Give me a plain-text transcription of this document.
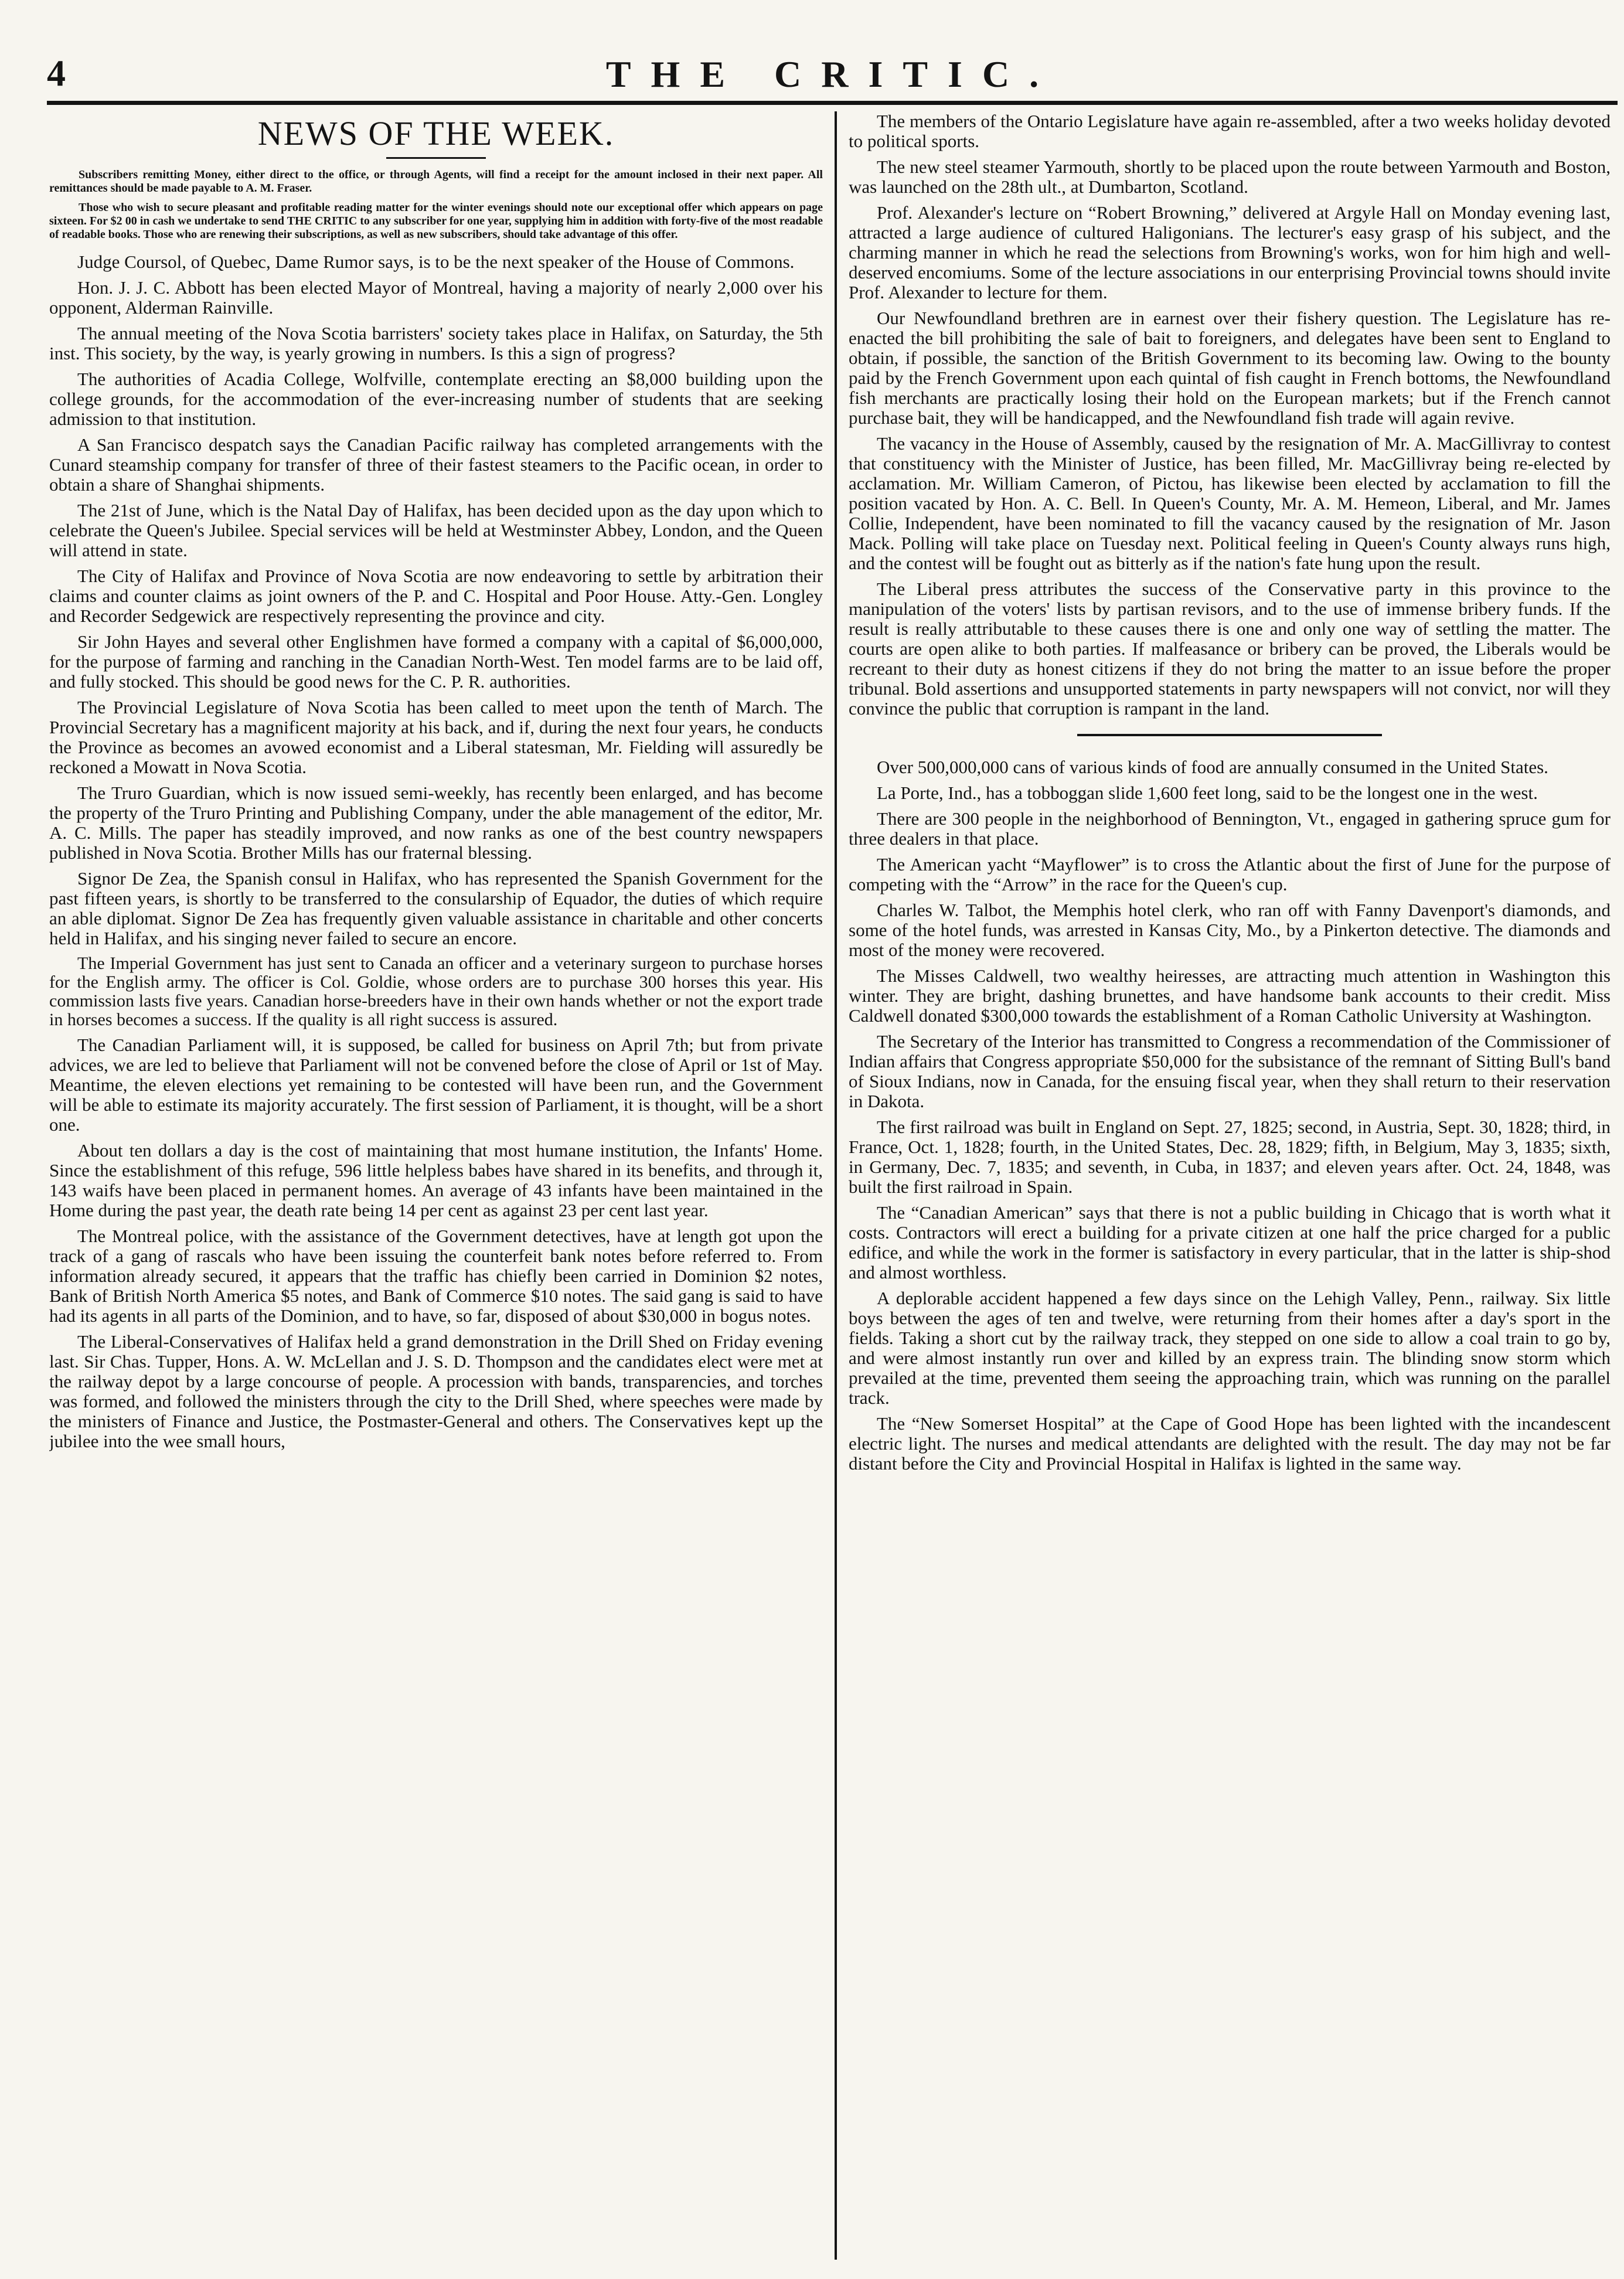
4	THE CRITIC.
NEWS OF THE WEEK.

Subscribers remitting Money, either direct to the office, or through Agents, will find a receipt for the amount inclosed in their next paper. All remittances should be made payable to A. M. Fraser.

Those who wish to secure pleasant and profitable reading matter for the winter evenings should note our exceptional offer which appears on page sixteen. For $2 00 in cash we undertake to send THE CRITIC to any subscriber for one year, supplying him in addition with forty-five of the most readable of readable books. Those who are renewing their subscriptions, as well as new subscribers, should take advantage of this offer.

Judge Coursol, of Quebec, Dame Rumor says, is to be the next speaker of the House of Commons.

Hon. J. J. C. Abbott has been elected Mayor of Montreal, having a majority of nearly 2,000 over his opponent, Alderman Rainville.

The annual meeting of the Nova Scotia barristers' society takes place in Halifax, on Saturday, the 5th inst. This society, by the way, is yearly growing in numbers. Is this a sign of progress?

The authorities of Acadia College, Wolfville, contemplate erecting an $8,000 building upon the college grounds, for the accommodation of the ever-increasing number of students that are seeking admission to that institution.

A San Francisco despatch says the Canadian Pacific railway has completed arrangements with the Cunard steamship company for transfer of three of their fastest steamers to the Pacific ocean, in order to obtain a share of Shanghai shipments.

The 21st of June, which is the Natal Day of Halifax, has been decided upon as the day upon which to celebrate the Queen's Jubilee. Special services will be held at Westminster Abbey, London, and the Queen will attend in state.

The City of Halifax and Province of Nova Scotia are now endeavoring to settle by arbitration their claims and counter claims as joint owners of the P. and C. Hospital and Poor House. Atty.-Gen. Longley and Recorder Sedgewick are respectively representing the province and city.

Sir John Hayes and several other Englishmen have formed a company with a capital of $6,000,000, for the purpose of farming and ranching in the Canadian North-West. Ten model farms are to be laid off, and fully stocked. This should be good news for the C. P. R. authorities.

The Provincial Legislature of Nova Scotia has been called to meet upon the tenth of March. The Provincial Secretary has a magnificent majority at his back, and if, during the next four years, he conducts the Province as becomes an avowed economist and a Liberal statesman, Mr. Fielding will assuredly be reckoned a Mowatt in Nova Scotia.

The Truro Guardian, which is now issued semi-weekly, has recently been enlarged, and has become the property of the Truro Printing and Publishing Company, under the able management of the editor, Mr. A. C. Mills. The paper has steadily improved, and now ranks as one of the best country newspapers published in Nova Scotia. Brother Mills has our fraternal blessing.

Signor De Zea, the Spanish consul in Halifax, who has represented the Spanish Government for the past fifteen years, is shortly to be transferred to the consularship of Equador, the duties of which require an able diplomat. Signor De Zea has frequently given valuable assistance in charitable and other concerts held in Halifax, and his singing never failed to secure an encore.

The Imperial Government has just sent to Canada an officer and a veterinary surgeon to purchase horses for the English army. The officer is Col. Goldie, whose orders are to purchase 300 horses this year. His commission lasts five years. Canadian horse-breeders have in their own hands whether or not the export trade in horses becomes a success. If the quality is all right success is assured.

The Canadian Parliament will, it is supposed, be called for business on April 7th; but from private advices, we are led to believe that Parliament will not be convened before the close of April or 1st of May. Meantime, the eleven elections yet remaining to be contested will have been run, and the Government will be able to estimate its majority accurately. The first session of Parliament, it is thought, will be a short one.

About ten dollars a day is the cost of maintaining that most humane institution, the Infants' Home. Since the establishment of this refuge, 596 little helpless babes have shared in its benefits, and through it, 143 waifs have been placed in permanent homes. An average of 43 infants have been maintained in the Home during the past year, the death rate being 14 per cent as against 23 per cent last year.

The Montreal police, with the assistance of the Government detectives, have at length got upon the track of a gang of rascals who have been issuing the counterfeit bank notes before referred to. From information already secured, it appears that the traffic has chiefly been carried in Dominion $2 notes, Bank of British North America $5 notes, and Bank of Commerce $10 notes. The said gang is said to have had its agents in all parts of the Dominion, and to have, so far, disposed of about $30,000 in bogus notes.

The Liberal-Conservatives of Halifax held a grand demonstration in the Drill Shed on Friday evening last. Sir Chas. Tupper, Hons. A. W. McLellan and J. S. D. Thompson and the candidates elect were met at the railway depot by a large concourse of people. A procession with bands, transparencies, and torches was formed, and followed the ministers through the city to the Drill Shed, where speeches were made by the ministers of Finance and Justice, the Postmaster-General and others. The Conservatives kept up the jubilee into the wee small hours,

The members of the Ontario Legislature have again re-assembled, after a two weeks holiday devoted to political sports.

The new steel steamer Yarmouth, shortly to be placed upon the route between Yarmouth and Boston, was launched on the 28th ult., at Dumbarton, Scotland.

Prof. Alexander's lecture on “Robert Browning,” delivered at Argyle Hall on Monday evening last, attracted a large audience of cultured Haligonians. The lecturer's easy grasp of his subject, and the charming manner in which he read the selections from Browning's works, won for him high and well-deserved encomiums. Some of the lecture associations in our enterprising Provincial towns should invite Prof. Alexander to lecture for them.

Our Newfoundland brethren are in earnest over their fishery question. The Legislature has re-enacted the bill prohibiting the sale of bait to foreigners, and delegates have been sent to England to obtain, if possible, the sanction of the British Government to its becoming law. Owing to the bounty paid by the French Government upon each quintal of fish caught in French bottoms, the Newfoundland fish merchants are practically losing their hold on the European markets; but if the French cannot purchase bait, they will be handicapped, and the Newfoundland fish trade will again revive.

The vacancy in the House of Assembly, caused by the resignation of Mr. A. MacGillivray to contest that constituency with the Minister of Justice, has been filled, Mr. MacGillivray being re-elected by acclamation. Mr. William Cameron, of Pictou, has likewise been elected by acclamation to fill the position vacated by Hon. A. C. Bell. In Queen's County, Mr. A. M. Hemeon, Liberal, and Mr. James Collie, Independent, have been nominated to fill the vacancy caused by the resignation of Mr. Jason Mack. Polling will take place on Tuesday next. Political feeling in Queen's County always runs high, and the contest will be fought out as bitterly as if the nation's fate hung upon the result.

The Liberal press attributes the success of the Conservative party in this province to the manipulation of the voters' lists by partisan revisors, and to the use of immense bribery funds. If the result is really attributable to these causes there is one and only one way of settling the matter. The courts are open alike to both parties. If malfeasance or bribery can be proved, the Liberals would be recreant to their duty as honest citizens if they do not bring the matter to an issue before the proper tribunal. Bold assertions and unsupported statements in party newspapers will not convict, nor will they convince the public that corruption is rampant in the land.

Over 500,000,000 cans of various kinds of food are annually consumed in the United States.

La Porte, Ind., has a tobboggan slide 1,600 feet long, said to be the longest one in the west.

There are 300 people in the neighborhood of Bennington, Vt., engaged in gathering spruce gum for three dealers in that place.

The American yacht “Mayflower” is to cross the Atlantic about the first of June for the purpose of competing with the “Arrow” in the race for the Queen's cup.

Charles W. Talbot, the Memphis hotel clerk, who ran off with Fanny Davenport's diamonds, and some of the hotel funds, was arrested in Kansas City, Mo., by a Pinkerton detective. The diamonds and most of the money were recovered.

The Misses Caldwell, two wealthy heiresses, are attracting much attention in Washington this winter. They are bright, dashing brunettes, and have handsome bank accounts to their credit. Miss Caldwell donated $300,000 towards the establishment of a Roman Catholic University at Washington.

The Secretary of the Interior has transmitted to Congress a recommendation of the Commissioner of Indian affairs that Congress appropriate $50,000 for the subsistance of the remnant of Sitting Bull's band of Sioux Indians, now in Canada, for the ensuing fiscal year, when they shall return to their reservation in Dakota.

The first railroad was built in England on Sept. 27, 1825; second, in Austria, Sept. 30, 1828; third, in France, Oct. 1, 1828; fourth, in the United States, Dec. 28, 1829; fifth, in Belgium, May 3, 1835; sixth, in Germany, Dec. 7, 1835; and seventh, in Cuba, in 1837; and eleven years after. Oct. 24, 1848, was built the first railroad in Spain.

The “Canadian American” says that there is not a public building in Chicago that is worth what it costs. Contractors will erect a building for a private citizen at one half the price charged for a public edifice, and while the work in the former is satisfactory in every particular, that in the latter is ship-shod and almost worthless.

A deplorable accident happened a few days since on the Lehigh Valley, Penn., railway. Six little boys between the ages of ten and twelve, were returning from their homes after a day's sport in the fields. Taking a short cut by the railway track, they stepped on one side to allow a coal train to go by, and were almost instantly run over and killed by an express train. The blinding snow storm which prevailed at the time, prevented them seeing the approaching train, which was running on the parallel track.

The “New Somerset Hospital” at the Cape of Good Hope has been lighted with the incandescent electric light. The nurses and medical attendants are delighted with the result. The day may not be far distant before the City and Provincial Hospital in Halifax is lighted in the same way.
